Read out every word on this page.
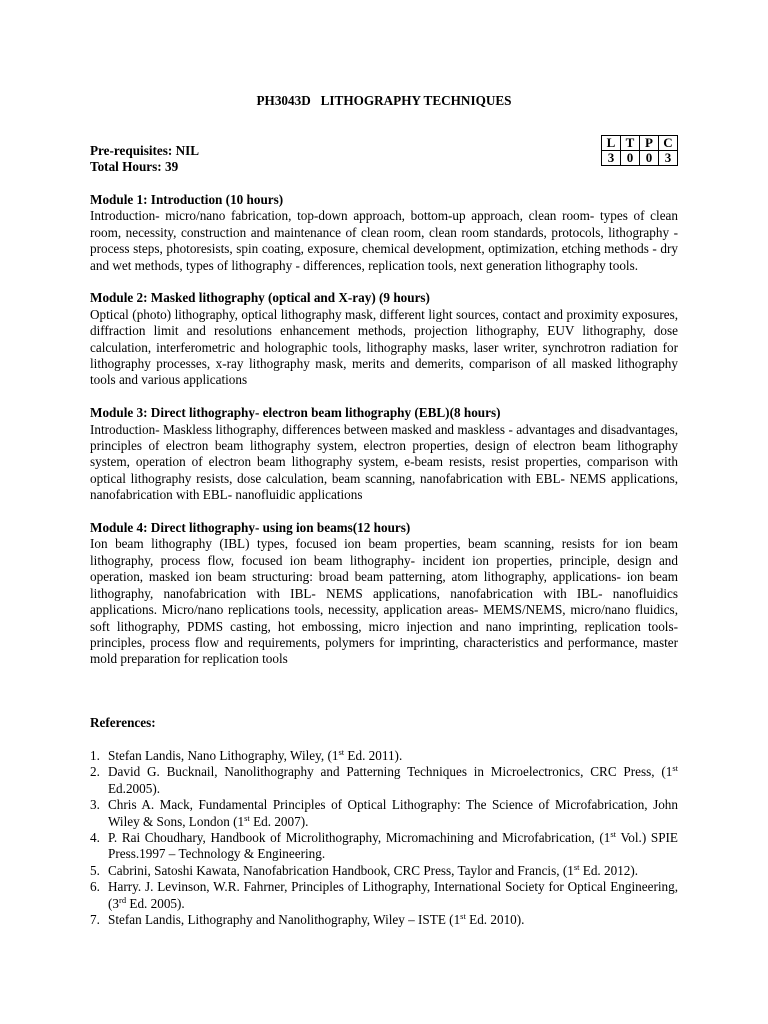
PH3043D   LITHOGRAPHY TECHNIQUES
Pre-requisites: NIL
Total Hours: 39
L	T	P	C
3	0	0	3
Module 1: Introduction (10 hours)

Introduction- micro/nano fabrication, top-down approach, bottom-up approach, clean room- types of clean room, necessity, construction and maintenance of clean room, clean room standards, protocols, lithography - process steps, photoresists, spin coating, exposure, chemical development, optimization, etching methods - dry and wet methods, types of lithography - differences, replication tools, next generation lithography tools.

Module 2: Masked lithography (optical and X-ray) (9 hours)

Optical (photo) lithography, optical lithography mask, different light sources, contact and proximity exposures, diffraction limit and resolutions enhancement methods, projection lithography, EUV lithography, dose calculation, interferometric and holographic tools, lithography masks, laser writer, synchrotron radiation for lithography processes, x-ray lithography mask, merits and demerits, comparison of all masked lithography tools and various applications

Module 3: Direct lithography- electron beam lithography (EBL)(8 hours)

Introduction- Maskless lithography, differences between masked and maskless - advantages and disadvantages, principles of electron beam lithography system, electron properties, design of electron beam lithography system, operation of electron beam lithography system, e-beam resists, resist properties, comparison with optical lithography resists, dose calculation, beam scanning, nanofabrication with EBL- NEMS applications, nanofabrication with EBL- nanofluidic applications

Module 4: Direct lithography- using ion beams(12 hours)

Ion beam lithography (IBL) types, focused ion beam properties, beam scanning, resists for ion beam lithography, process flow, focused ion beam lithography- incident ion properties, principle, design and operation, masked ion beam structuring: broad beam patterning, atom lithography, applications- ion beam lithography, nanofabrication with IBL- NEMS applications, nanofabrication with IBL- nanofluidics applications. Micro/nano replications tools, necessity, application areas- MEMS/NEMS, micro/nano fluidics, soft lithography, PDMS casting, hot embossing, micro injection and nano imprinting, replication tools- principles, process flow and requirements, polymers for imprinting, characteristics and performance, master mold preparation for replication tools

References:
1. Stefan Landis, Nano Lithography, Wiley, (1st Ed. 2011).
2. David G. Bucknail, Nanolithography and Patterning Techniques in Microelectronics, CRC Press, (1st Ed.2005).
3. Chris A. Mack, Fundamental Principles of Optical Lithography: The Science of Microfabrication, John Wiley & Sons, London (1st Ed. 2007).
4. P. Rai Choudhary, Handbook of Microlithography, Micromachining and Microfabrication, (1st Vol.) SPIE Press.1997 – Technology & Engineering.
5. Cabrini, Satoshi Kawata, Nanofabrication Handbook, CRC Press, Taylor and Francis, (1st Ed. 2012).
6. Harry. J. Levinson, W.R. Fahrner, Principles of Lithography, International Society for Optical Engineering, (3rd Ed. 2005).
7. Stefan Landis, Lithography and Nanolithography, Wiley – ISTE (1st Ed. 2010).
